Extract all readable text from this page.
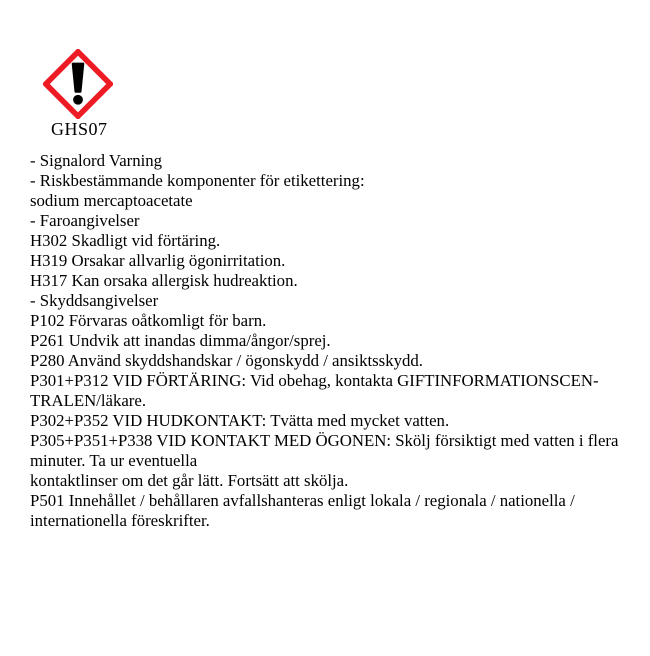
GHS07
- Signalord Varning
- Riskbestämmande komponenter för etikettering:
sodium mercaptoacetate
- Faroangivelser
H302 Skadligt vid förtäring.
H319 Orsakar allvarlig ögonirritation.
H317 Kan orsaka allergisk hudreaktion.
- Skyddsangivelser
P102 Förvaras oåtkomligt för barn.
P261 Undvik att inandas dimma/ångor/sprej.
P280 Använd skyddshandskar / ögonskydd / ansiktsskydd.
P301+P312 VID FÖRTÄRING: Vid obehag, kontakta GIFTINFORMATIONSCEN-
TRALEN/läkare.
P302+P352 VID HUDKONTAKT: Tvätta med mycket vatten.
P305+P351+P338 VID KONTAKT MED ÖGONEN: Skölj försiktigt med vatten i flera
minuter. Ta ur eventuella
kontaktlinser om det går lätt. Fortsätt att skölja.
P501 Innehållet / behållaren avfallshanteras enligt lokala / regionala / nationella /
internationella föreskrifter.
